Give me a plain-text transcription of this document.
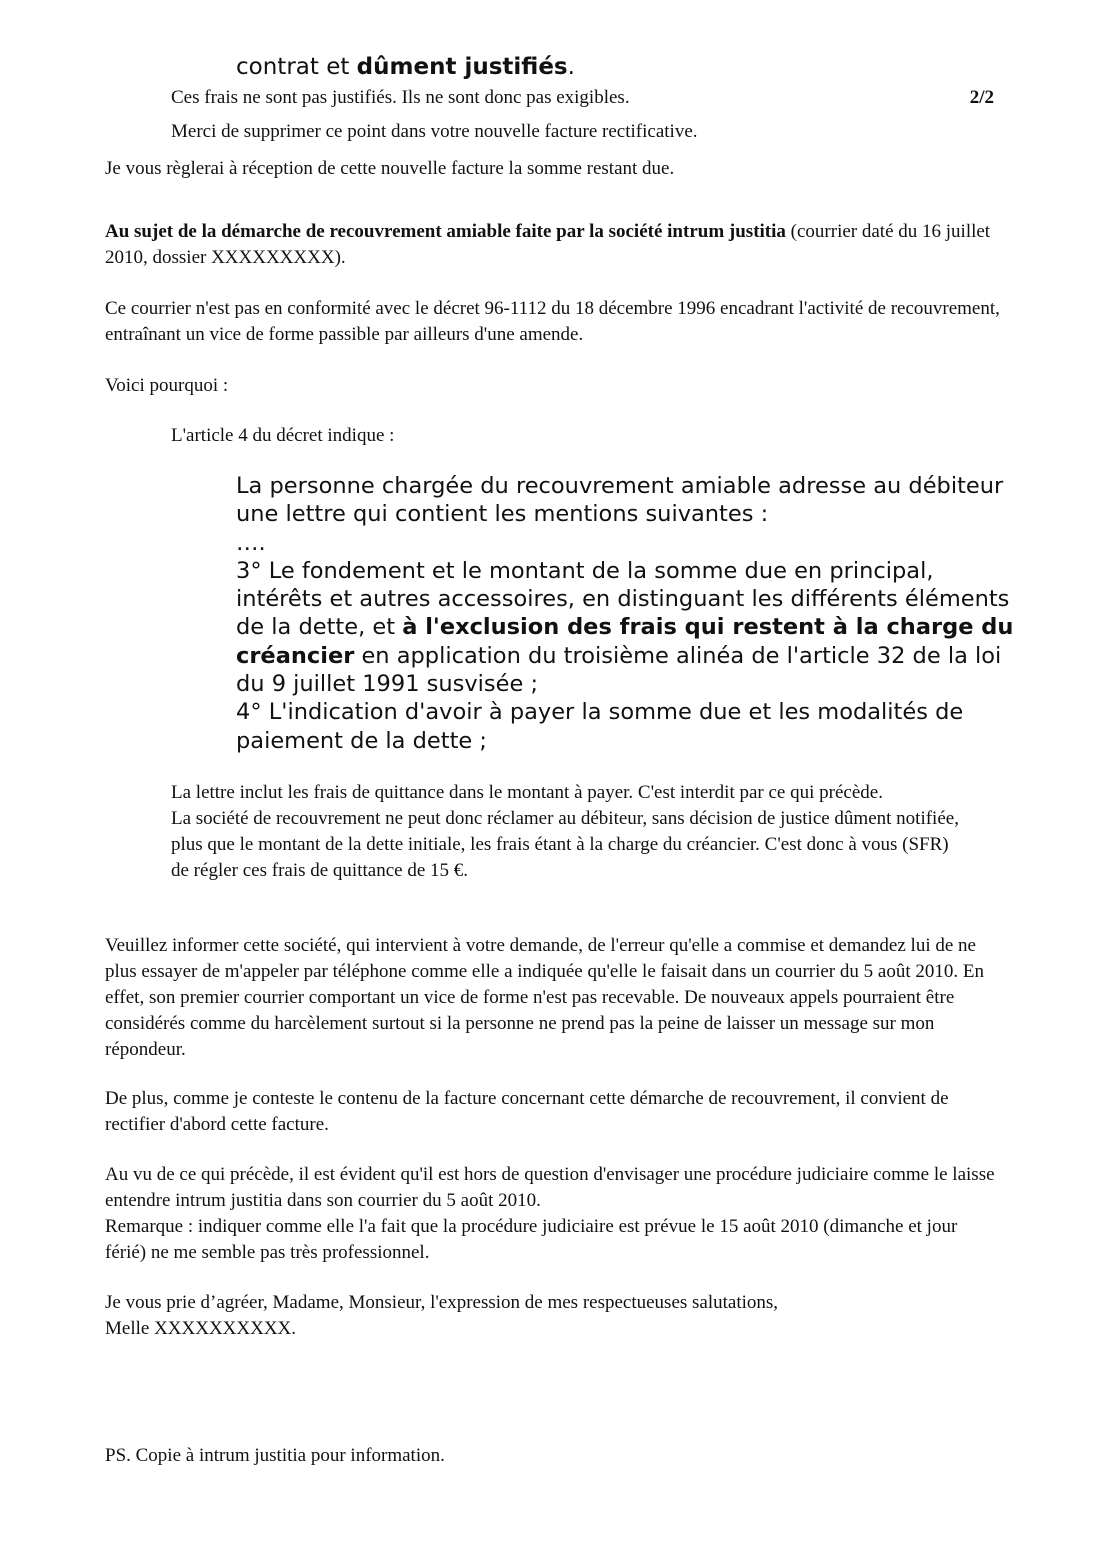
contrat et dûment justifiés.

2/2

Ces frais ne sont pas justifiés. Ils ne sont donc pas exigibles.

Merci de supprimer ce point dans votre nouvelle facture rectificative.

Je vous règlerai à réception de cette nouvelle facture la somme restant due.

Au sujet de la démarche de recouvrement amiable faite par la société intrum justitia (courrier daté du 16 juillet 2010, dossier XXXXXXXXX).

Ce courrier n'est pas en conformité avec le décret 96-1112 du 18 décembre 1996 encadrant l'activité de recouvrement, entraînant un vice de forme passible par ailleurs d'une amende.

Voici pourquoi :

L'article 4 du décret indique :

La personne chargée du recouvrement amiable adresse au débiteur une lettre qui contient les mentions suivantes :
….
3° Le fondement et le montant de la somme due en principal, intérêts et autres accessoires, en distinguant les différents éléments de la dette, et à l'exclusion des frais qui restent à la charge du créancier en application du troisième alinéa de l'article 32 de la loi du 9 juillet 1991 susvisée ;
4° L'indication d'avoir à payer la somme due et les modalités de paiement de la dette ;
La lettre inclut les frais de quittance dans le montant à payer. C'est interdit par ce qui précède.
La société de recouvrement ne peut donc réclamer au débiteur, sans décision de justice dûment notifiée, plus que le montant de la dette initiale, les frais étant à la charge du créancier. C'est donc à vous (SFR) de régler ces frais de quittance de 15 €.

Veuillez informer cette société, qui intervient à votre demande, de l'erreur qu'elle a commise et demandez lui de ne plus essayer de m'appeler par téléphone comme elle a indiquée qu'elle le faisait dans un courrier du 5 août 2010. En effet, son premier courrier comportant un vice de forme n'est pas recevable. De nouveaux appels pourraient être considérés comme du harcèlement surtout si la personne ne prend pas la peine de laisser un message sur mon répondeur.

De plus, comme je conteste le contenu de la facture concernant cette démarche de recouvrement, il convient de rectifier d'abord cette facture.

Au vu de ce qui précède, il est évident qu'il est hors de question d'envisager une procédure judiciaire comme le laisse entendre intrum justitia dans son courrier du 5 août 2010.
Remarque : indiquer comme elle l'a fait que la procédure judiciaire est prévue le 15 août 2010 (dimanche et jour férié) ne me semble pas très professionnel.
Je vous prie d’agréer, Madame, Monsieur, l'expression de mes respectueuses salutations,
Melle XXXXXXXXXX.

PS. Copie à intrum justitia pour information.
